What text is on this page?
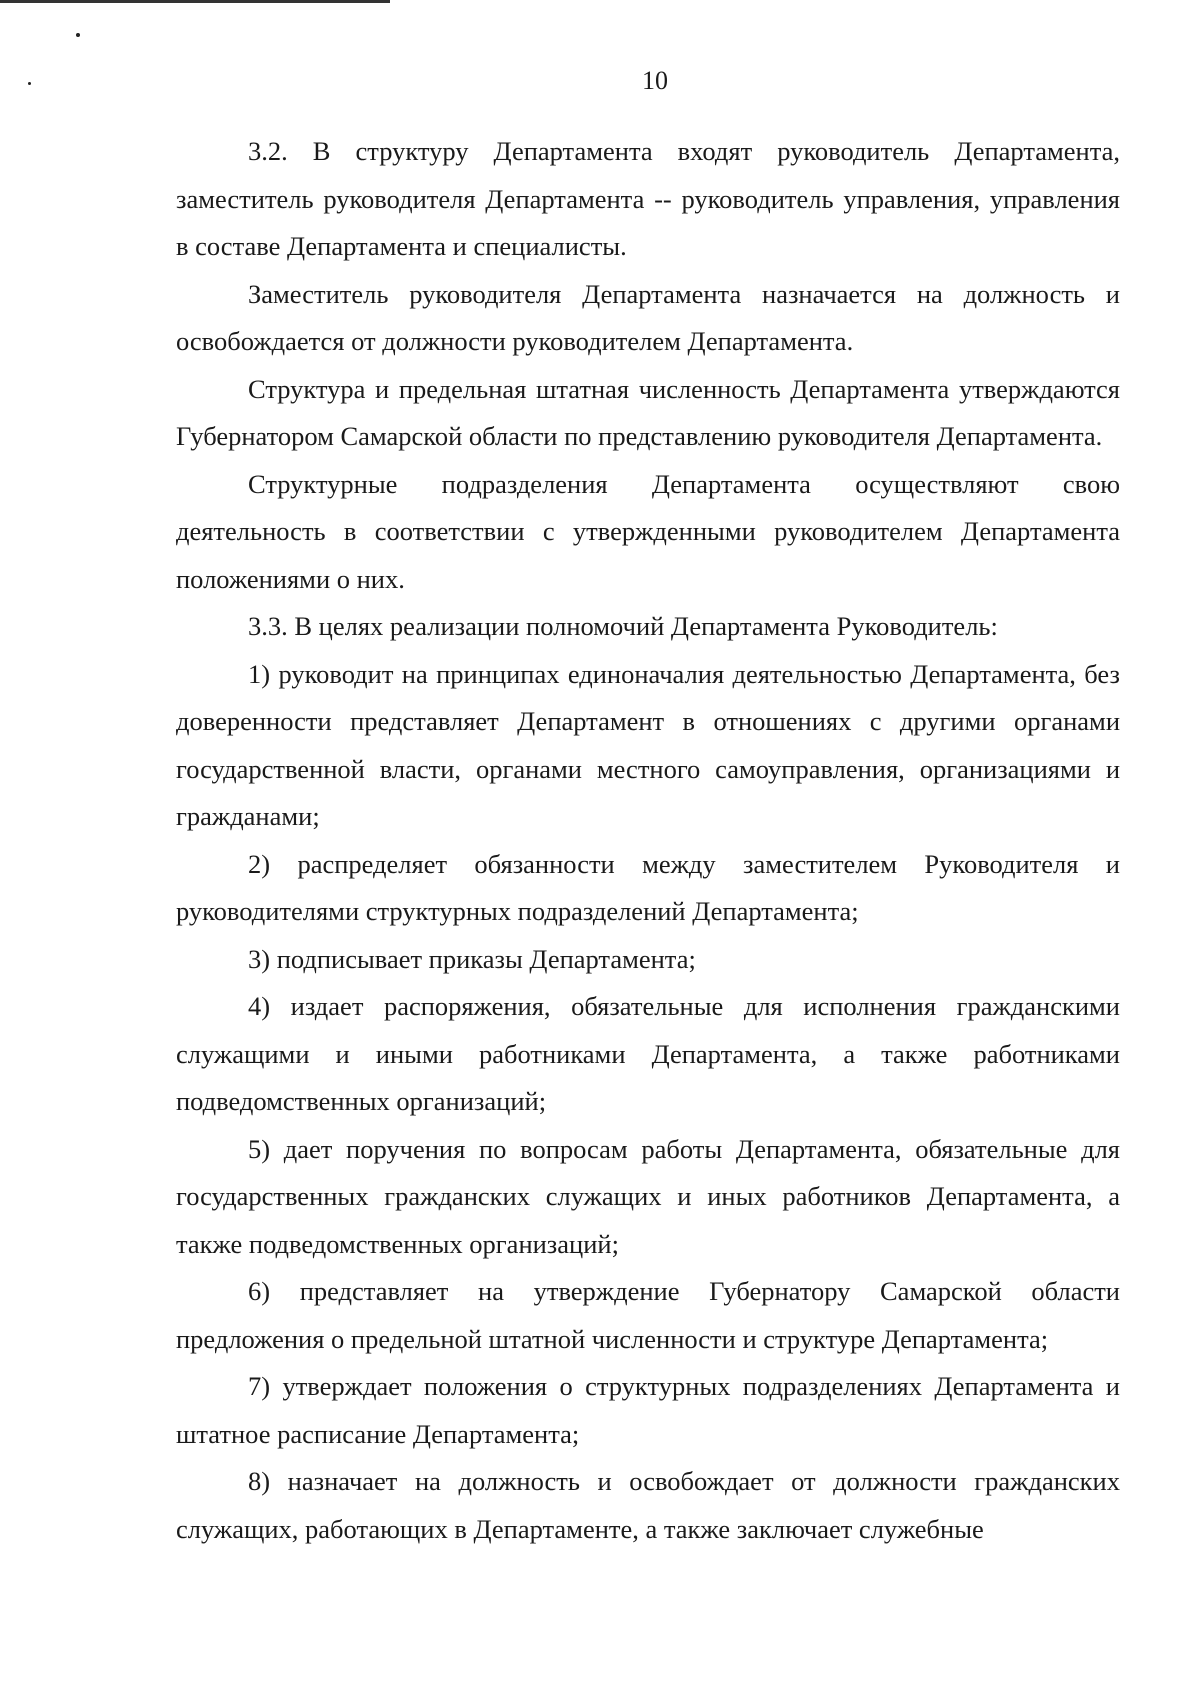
10

3.2. В структуру Департамента входят руководитель Департамента, заместитель руководителя Департамента -- руководитель управления, управления в составе Департамента и специалисты.

Заместитель руководителя Департамента назначается на должность и освобождается от должности руководителем Департамента.

Структура и предельная штатная численность Департамента утверждаются Губернатором Самарской области по представлению руководителя Департамента.

Структурные подразделения Департамента осуществляют свою деятельность в соответствии с утвержденными руководителем Департамента положениями о них.

3.3. В целях реализации полномочий Департамента Руководитель:

1) руководит на принципах единоначалия деятельностью Департамента, без доверенности представляет Департамент в отношениях с другими органами государственной власти, органами местного самоуправления, организациями и гражданами;

2) распределяет обязанности между заместителем Руководителя и руководителями структурных подразделений Департамента;

3) подписывает приказы Департамента;

4) издает распоряжения, обязательные для исполнения гражданскими служащими и иными работниками Департамента, а также работниками подведомственных организаций;

5) дает поручения по вопросам работы Департамента, обязательные для государственных гражданских служащих и иных работников Департамента, а также подведомственных организаций;

6) представляет на утверждение Губернатору Самарской области предложения о предельной штатной численности и структуре Департамента;

7) утверждает положения о структурных подразделениях Департамента и штатное расписание Департамента;

8) назначает на должность и освобождает от должности гражданских служащих, работающих в Департаменте, а также заключает служебные
